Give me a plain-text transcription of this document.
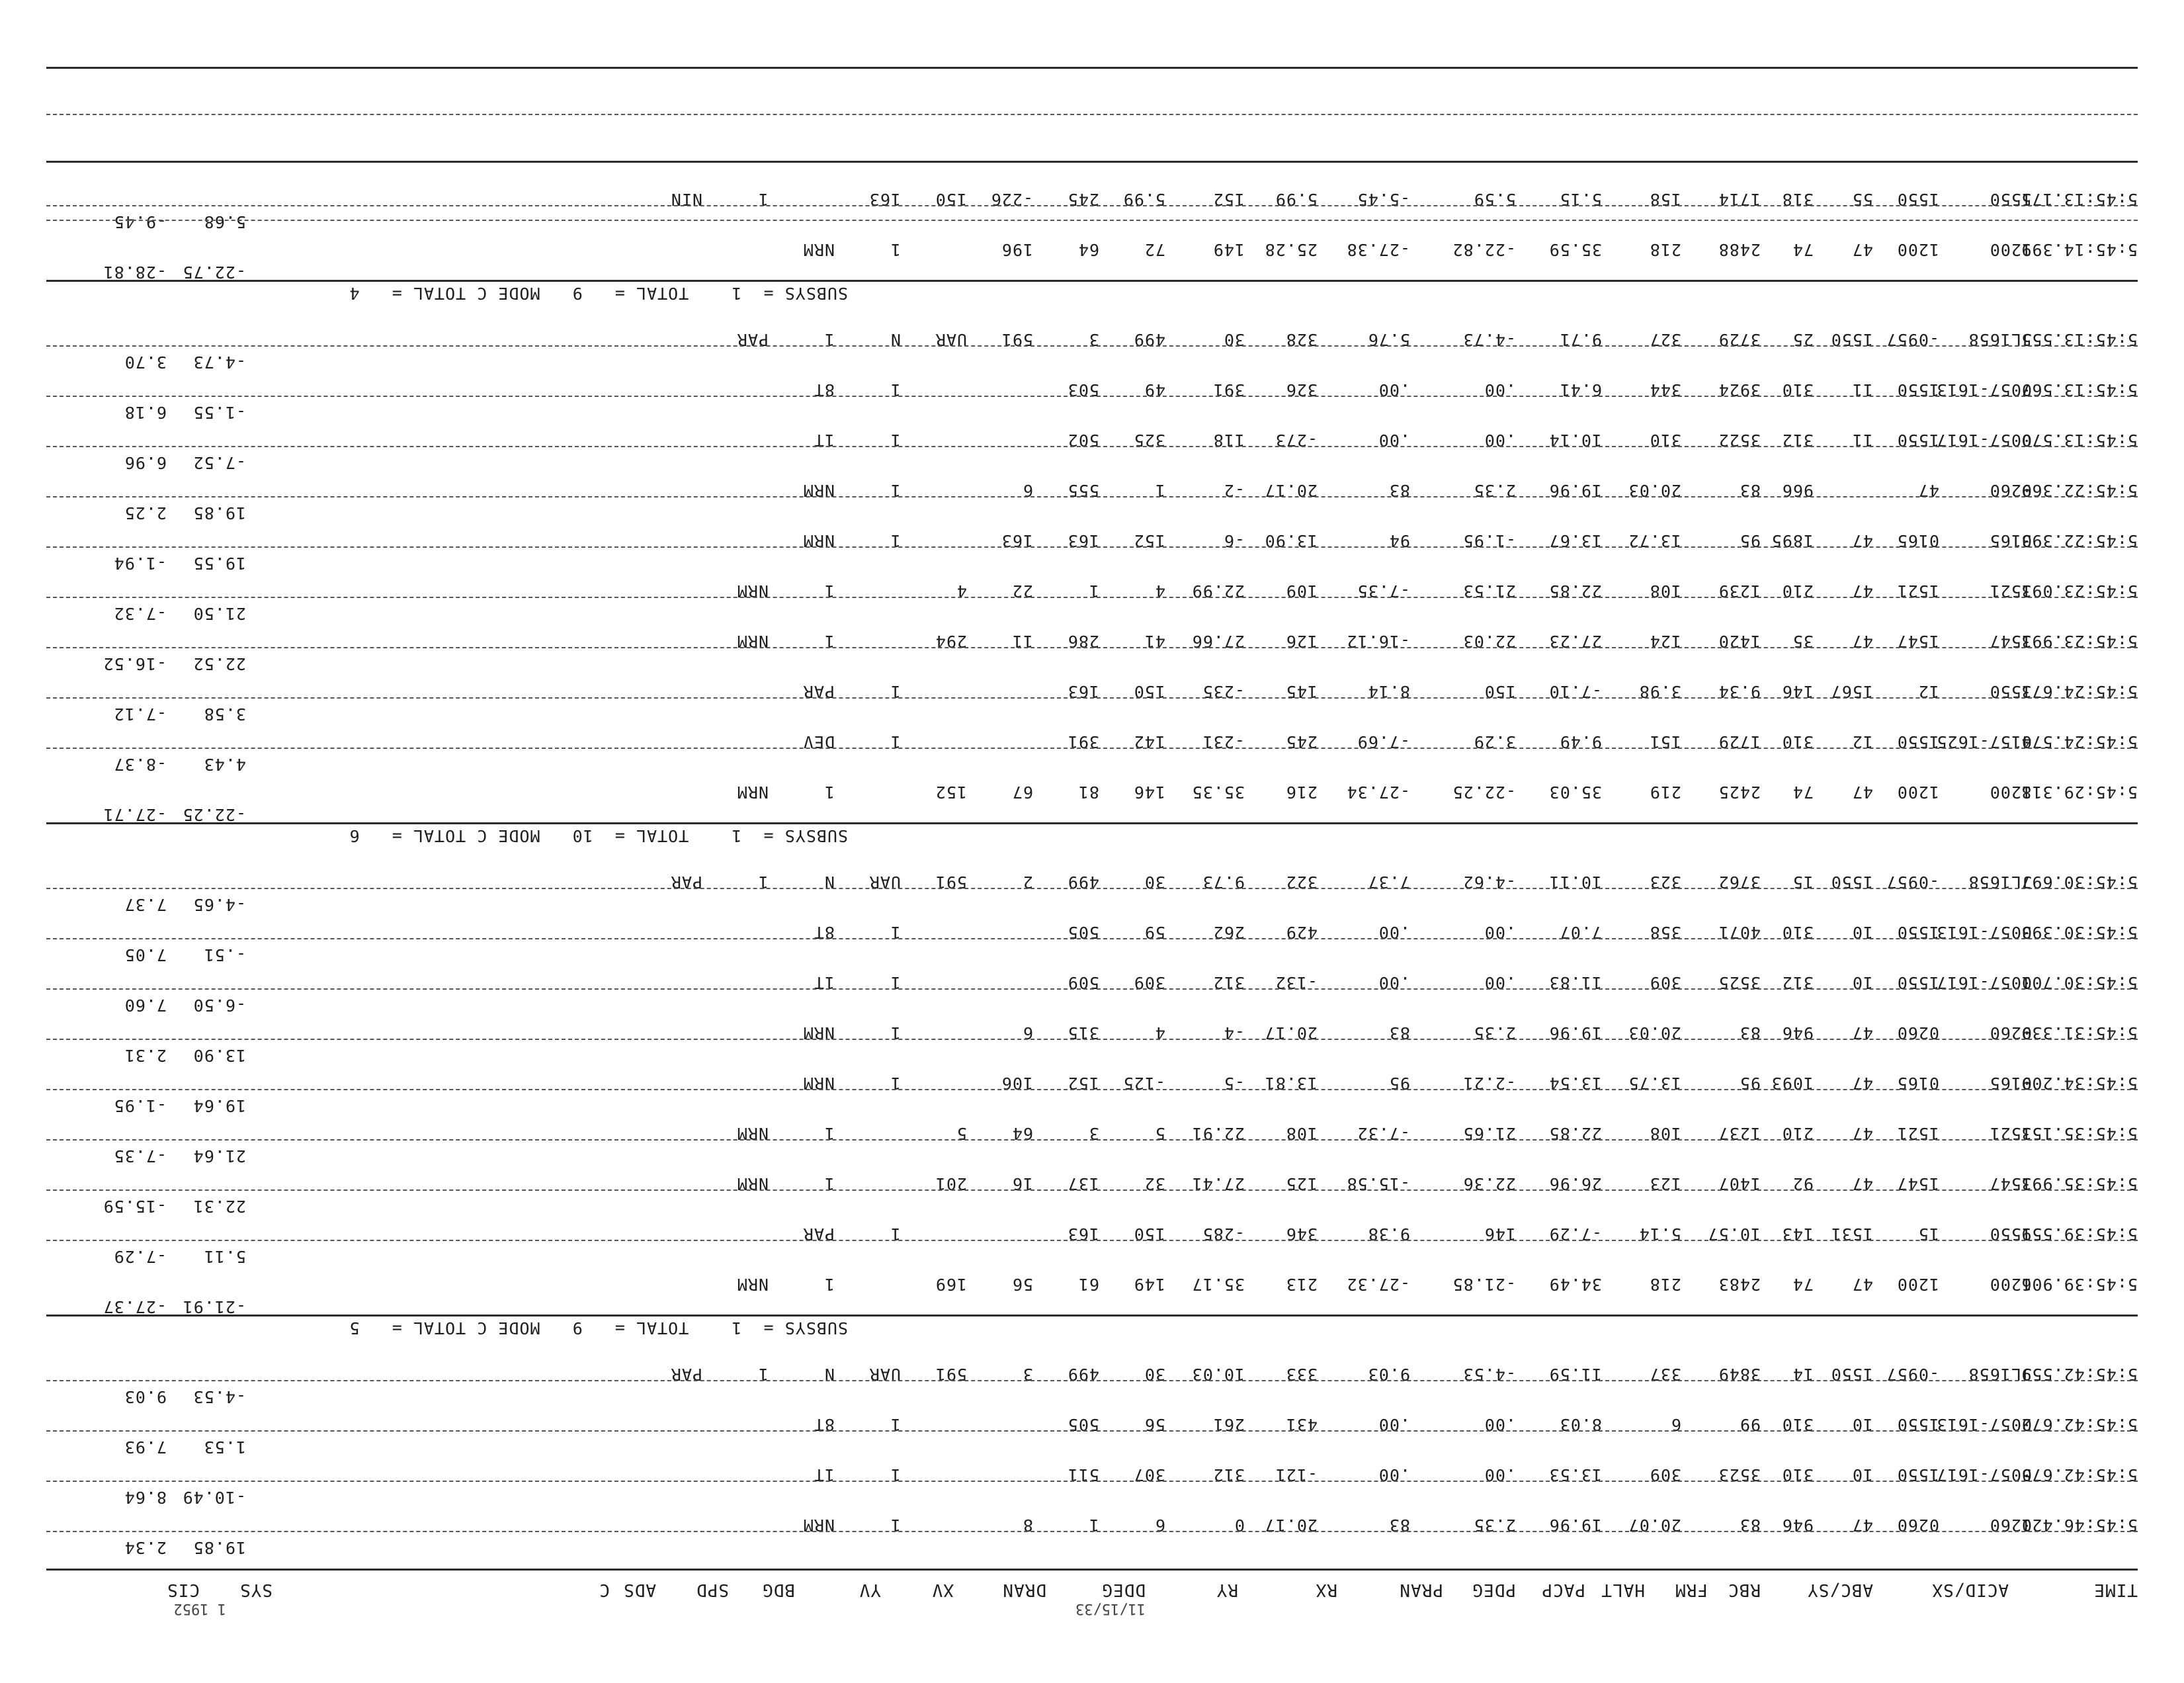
TIME
ACID/SX
ABC/SY
RBC
FRM
HALT
PACP
PDEG
PRAN
RX
RY
DDEG
DRAN
XV
YV
BDG
SPD
ADS
C
SYS
CIS
11/15/33
1 1952
5:45:13.175
1550
1550
55
318
1714
158
5.15
5.59
-5.45
5.99
152
5.99
245
-226
150
163
1
NIN
5.68
-9.45
5:45:14.399
1200
1200
47
74
2488
218
35.59
-22.82
-27.38
25.28
149
72
64
196
1
NRM
-22.75
-28.81
SUBSYS =  1    TOTAL =   9   MODE C TOTAL =   4
5:45:13.555
JL1658
-0957
1550
25
3729
327
9.71
-4.73
5.76
328
30
499
3
591
UAR
N
1
PAR
-4.73
3.70
5:45:13.567
0057-1613
1550
11
310
3924
344
6.41
.00
.00
326
391
49
503
1
8T
-1.55
6.18
5:45:13.570
0057-1617
1550
11
312
3522
310
10.14
.00
.00
-273
118
325
502
1
1T
-7.52
6.96
5:45:22.369
0260
47
966
83
20.03
19.96
2.35
83
20.17
-2
1
555
6
1
NRM
19.85
2.25
5:45:22.393
0165
0165
47
1895
95
13.72
13.67
-1.95
94
13.90
-6
152
163
163
1
NRM
19.55
-1.94
5:45:23.093
1521
1521
47
210
1239
108
22.85
21.53
-7.35
109
22.99
4
1
22
4
1
NRM
21.50
-7.32
5:45:23.993
1547
1547
47
35
1420
124
27.23
22.03
-16.12
126
27.66
41
286
11
294
1
NRM
22.52
-16.52
5:45:24.673
1550
12
1567
146
9.34
3.98
-7.10
150
8.14
145
-235
150
163
1
PAR
3.58
-7.12
5:45:24.574
0157-1625
1550
12
310
1729
151
9.49
3.29
-7.69
245
-231
142
391
1
DEV
4.43
-8.37
5:45:29.318
1200
1200
47
74
2425
219
35.03
-22.25
-27.34
216
35.35
146
81
67
152
1
NRM
-22.25
-27.71
SUBSYS =  1    TOTAL =  10   MODE C TOTAL =   6
5:45:30.697
JL1658
-0957
1550
15
3762
323
10.11
-4.62
7.37
322
9.73
30
499
2
591
UAR
N
1
PAR
-4.65
7.37
5:45:30.393
0057-1613
1550
10
310
4071
358
7.07
.00
.00
429
262
59
505
1
8T
-.51
7.05
5:45:30.701
0057-1617
1550
10
312
3525
309
11.83
.00
.00
-132
312
309
509
1
1T
-6.50
7.60
5:45:31.339
0260
0260
47
946
83
20.03
19.96
2.35
83
20.17
-4
4
315
6
1
NRM
13.90
2.31
5:45:34.209
0165
0165
47
1093
95
13.75
13.54
-2.21
95
13.81
-5
-125
152
106
1
NRM
19.64
-1.95
5:45:35.153
1521
1521
47
210
1237
108
22.85
21.65
-7.32
108
22.91
5
3
64
5
1
NRM
21.64
-7.35
5:45:35.993
1547
1547
47
92
1407
123
26.96
22.36
-15.58
125
27.41
32
137
16
201
1
NRM
22.31
-15.59
5:45:39.559
1550
15
1531
143
10.57
5.14
-7.29
146
9.38
346
-285
150
163
1
PAR
5.11
-7.29
5:45:39.906
1200
1200
47
74
2483
218
34.49
-21.85
-27.32
213
35.17
149
61
56
169
1
NRM
-21.91
-27.37
SUBSYS =  1    TOTAL =   9   MODE C TOTAL =   5
5:45:42.559
JL1658
-0957
1550
14
3849
337
11.59
-4.53
9.03
333
10.03
30
499
3
591
UAR
N
1
PAR
-4.53
9.03
5:45:42.672
0057-1613
1550
10
310
99
6
8.03
.00
.00
431
261
56
505
1
8T
1.53
7.93
5:45:42.675
0057-1617
1550
10
310
3523
309
13.53
.00
.00
-121
312
307
511
1
1T
-10.49
8.64
5:45:46.421
0260
0260
47
946
83
20.07
19.96
2.35
83
20.17
0
6
1
8
1
NRM
19.85
2.34
